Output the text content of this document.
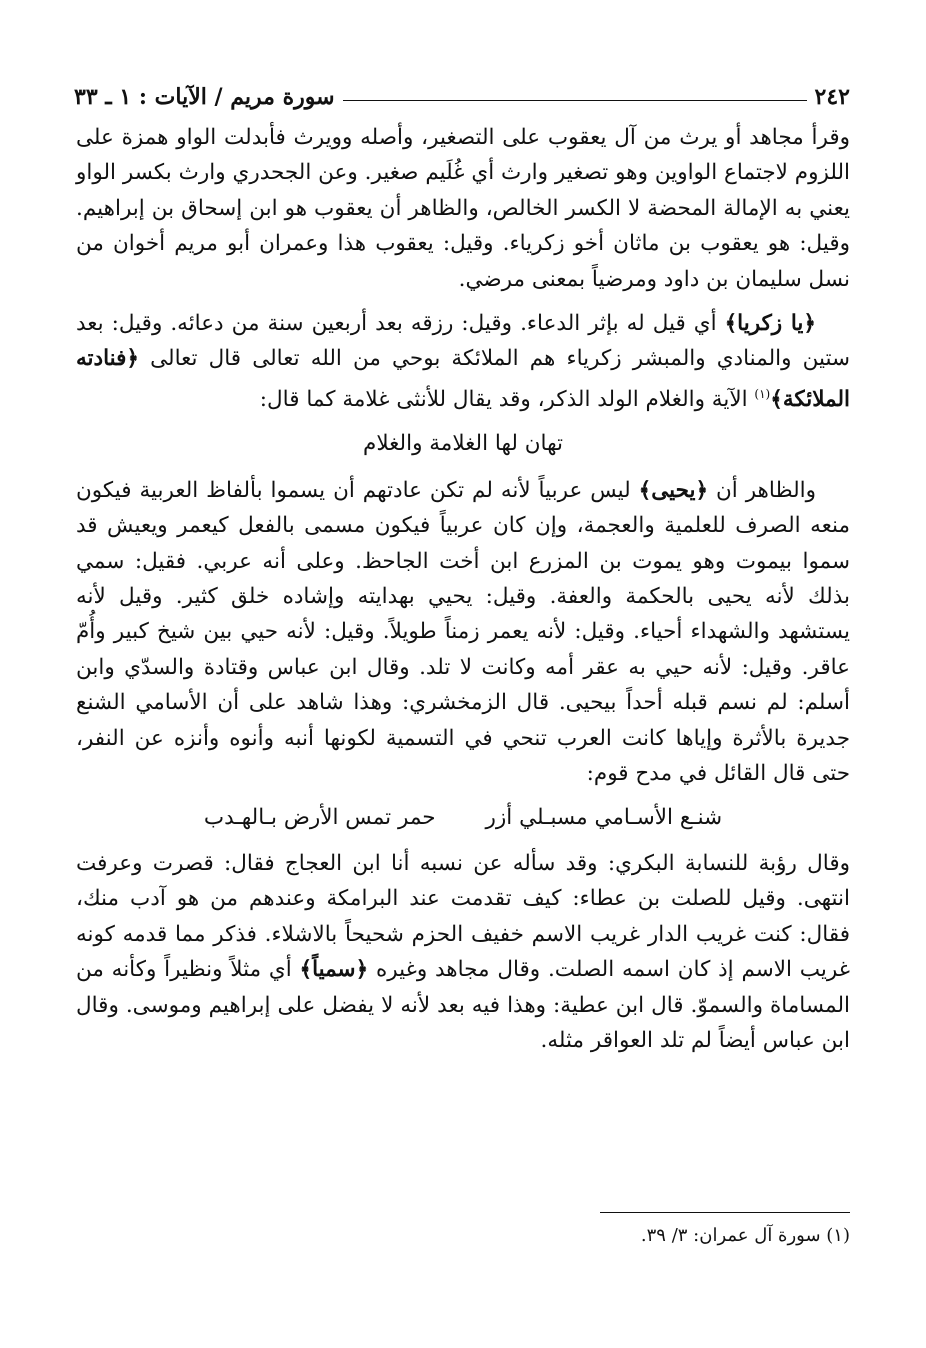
٢٤٢
سورة مريم / الآيات : ١ ـ ٣٣

وقرأ مجاهد أو يرث من آل يعقوب على التصغير، وأصله وويرث فأبدلت الواو همزة على اللزوم لاجتماع الواوين وهو تصغير وارث أي غُلَيم صغير. وعن الجحدري وارث بكسر الواو يعني به الإمالة المحضة لا الكسر الخالص، والظاهر أن يعقوب هو ابن إسحاق بن إبراهيم. وقيل: هو يعقوب بن ماثان أخو زكرياء. وقيل: يعقوب هذا وعمران أبو مريم أخوان من نسل سليمان بن داود ومرضياً بمعنى مرضي.

﴿يا زكريا﴾ أي قيل له بإثر الدعاء. وقيل: رزقه بعد أربعين سنة من دعائه. وقيل: بعد ستين والمنادي والمبشر زكرياء هم الملائكة بوحي من الله تعالى قال تعالى ﴿فنادته الملائكة﴾$^{(١)}$ الآية والغلام الولد الذكر، وقد يقال للأنثى غلامة كما قال:

تهان لها الغلامة والغلام

والظاهر أن ﴿يحيى﴾ ليس عربياً لأنه لم تكن عادتهم أن يسموا بألفاظ العربية فيكون منعه الصرف للعلمية والعجمة، وإن كان عربياً فيكون مسمى بالفعل كيعمر ويعيش قد سموا بيموت وهو يموت بن المزرع ابن أخت الجاحظ. وعلى أنه عربي. فقيل: سمي بذلك لأنه يحيى بالحكمة والعفة. وقيل: يحيي بهدايته وإشاده خلق كثير. وقيل لأنه يستشهد والشهداء أحياء. وقيل: لأنه يعمر زمناً طويلاً. وقيل: لأنه حيي بين شيخ كبير وأُمّ عاقر. وقيل: لأنه حيي به عقر أمه وكانت لا تلد. وقال ابن عباس وقتادة والسدّي وابن أسلم: لم نسم قبله أحداً بيحيى. قال الزمخشري: وهذا شاهد على أن الأسامي الشنع جديرة بالأثرة وإياها كانت العرب تنحي في التسمية لكونها أنبه وأنوه وأنزه عن النفر، حتى قال القائل في مدح قوم:

شنـع الأسـامي مسبـلي أزر
حمر تمس الأرض بـالهـدب

وقال رؤبة للنسابة البكري: وقد سأله عن نسبه أنا ابن العجاج فقال: قصرت وعرفت انتهى. وقيل للصلت بن عطاء: كيف تقدمت عند البرامكة وعندهم من هو آدب منك، فقال: كنت غريب الدار غريب الاسم خفيف الحزم شحيحاً بالاشلاء. فذكر مما قدمه كونه غريب الاسم إذ كان اسمه الصلت. وقال مجاهد وغيره ﴿سمياً﴾ أي مثلاً ونظيراً وكأنه من المساماة والسموّ. قال ابن عطية: وهذا فيه بعد لأنه لا يفضل على إبراهيم وموسى. وقال ابن عباس أيضاً لم تلد العواقر مثله.

(١) سورة آل عمران: ٣/ ٣٩.
